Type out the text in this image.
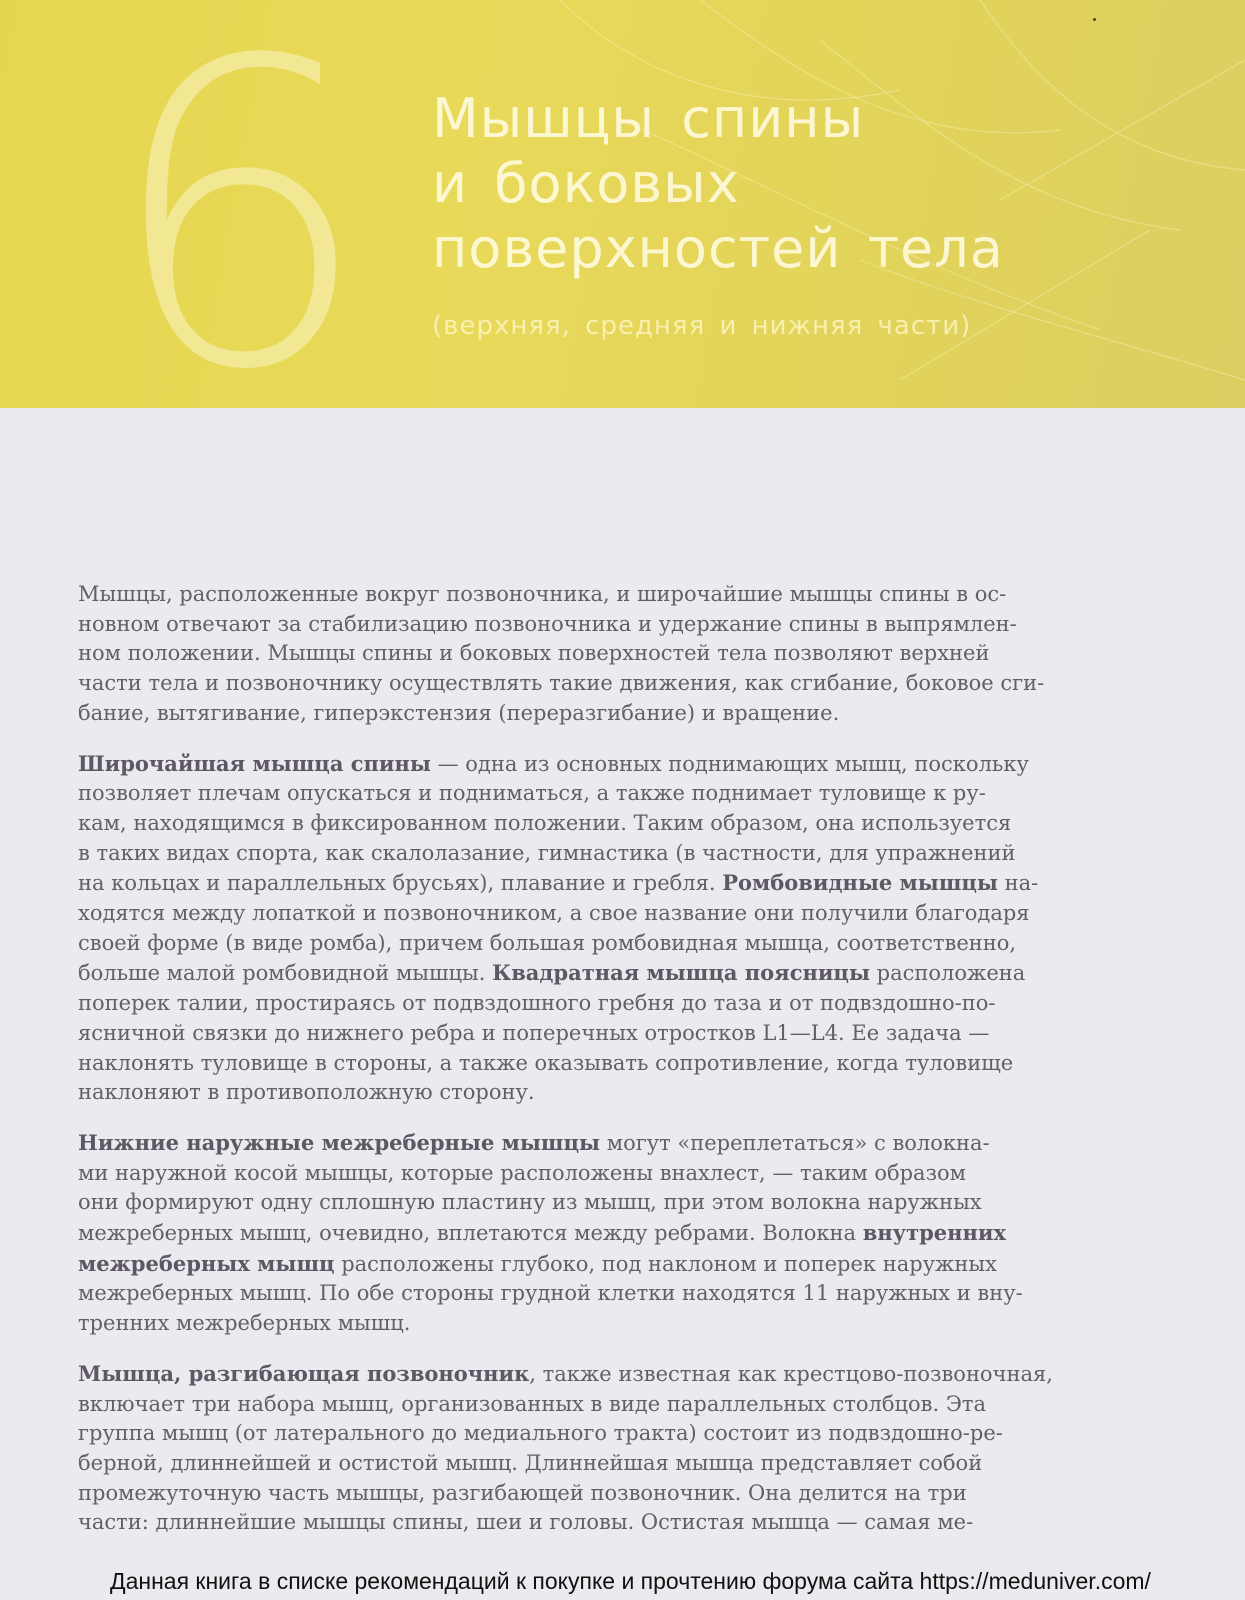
6 Мышцы спины
и боковых
поверхностей тела
(верхняя, средняя и нижняя части)

Мышцы, расположенные вокруг позвоночника, и широчайшие мышцы спины в ос-
новном отвечают за стабилизацию позвоночника и удержание спины в выпрямлен-
ном положении. Мышцы спины и боковых поверхностей тела позволяют верхней
части тела и позвоночнику осуществлять такие движения, как сгибание, боковое сги-
бание, вытягивание, гиперэкстензия (переразгибание) и вращение.

Широчайшая мышца спины — одна из основных поднимающих мышц, поскольку
позволяет плечам опускаться и подниматься, а также поднимает туловище к ру-
кам, находящимся в фиксированном положении. Таким образом, она используется
в таких видах спорта, как скалолазание, гимнастика (в частности, для упражнений
на кольцах и параллельных брусьях), плавание и гребля. Ромбовидные мышцы на-
ходятся между лопаткой и позвоночником, а свое название они получили благодаря
своей форме (в виде ромба), причем большая ромбовидная мышца, соответственно,
больше малой ромбовидной мышцы. Квадратная мышца поясницы расположена
поперек талии, простираясь от подвздошного гребня до таза и от подвздошно-по-
ясничной связки до нижнего ребра и поперечных отростков L1—L4. Ее задача —
наклонять туловище в стороны, а также оказывать сопротивление, когда туловище
наклоняют в противоположную сторону.

Нижние наружные межреберные мышцы могут «переплетаться» с волокна-
ми наружной косой мышцы, которые расположены внахлест, — таким образом
они формируют одну сплошную пластину из мышц, при этом волокна наружных
межреберных мышц, очевидно, вплетаются между ребрами. Волокна внутренних
межреберных мышц расположены глубоко, под наклоном и поперек наружных
межреберных мышц. По обе стороны грудной клетки находятся 11 наружных и вну-
тренних межреберных мышц.

Мышца, разгибающая позвоночник, также известная как крестцово-позвоночная,
включает три набора мышц, организованных в виде параллельных столбцов. Эта
группа мышц (от латерального до медиального тракта) состоит из подвздошно-ре-
берной, длиннейшей и остистой мышц. Длиннейшая мышца представляет собой
промежуточную часть мышцы, разгибающей позвоночник. Она делится на три
части: длиннейшие мышцы спины, шеи и головы. Остистая мышца — самая ме-

Данная книга в списке рекомендаций к покупке и прочтению форума сайта https://meduniver.com/
